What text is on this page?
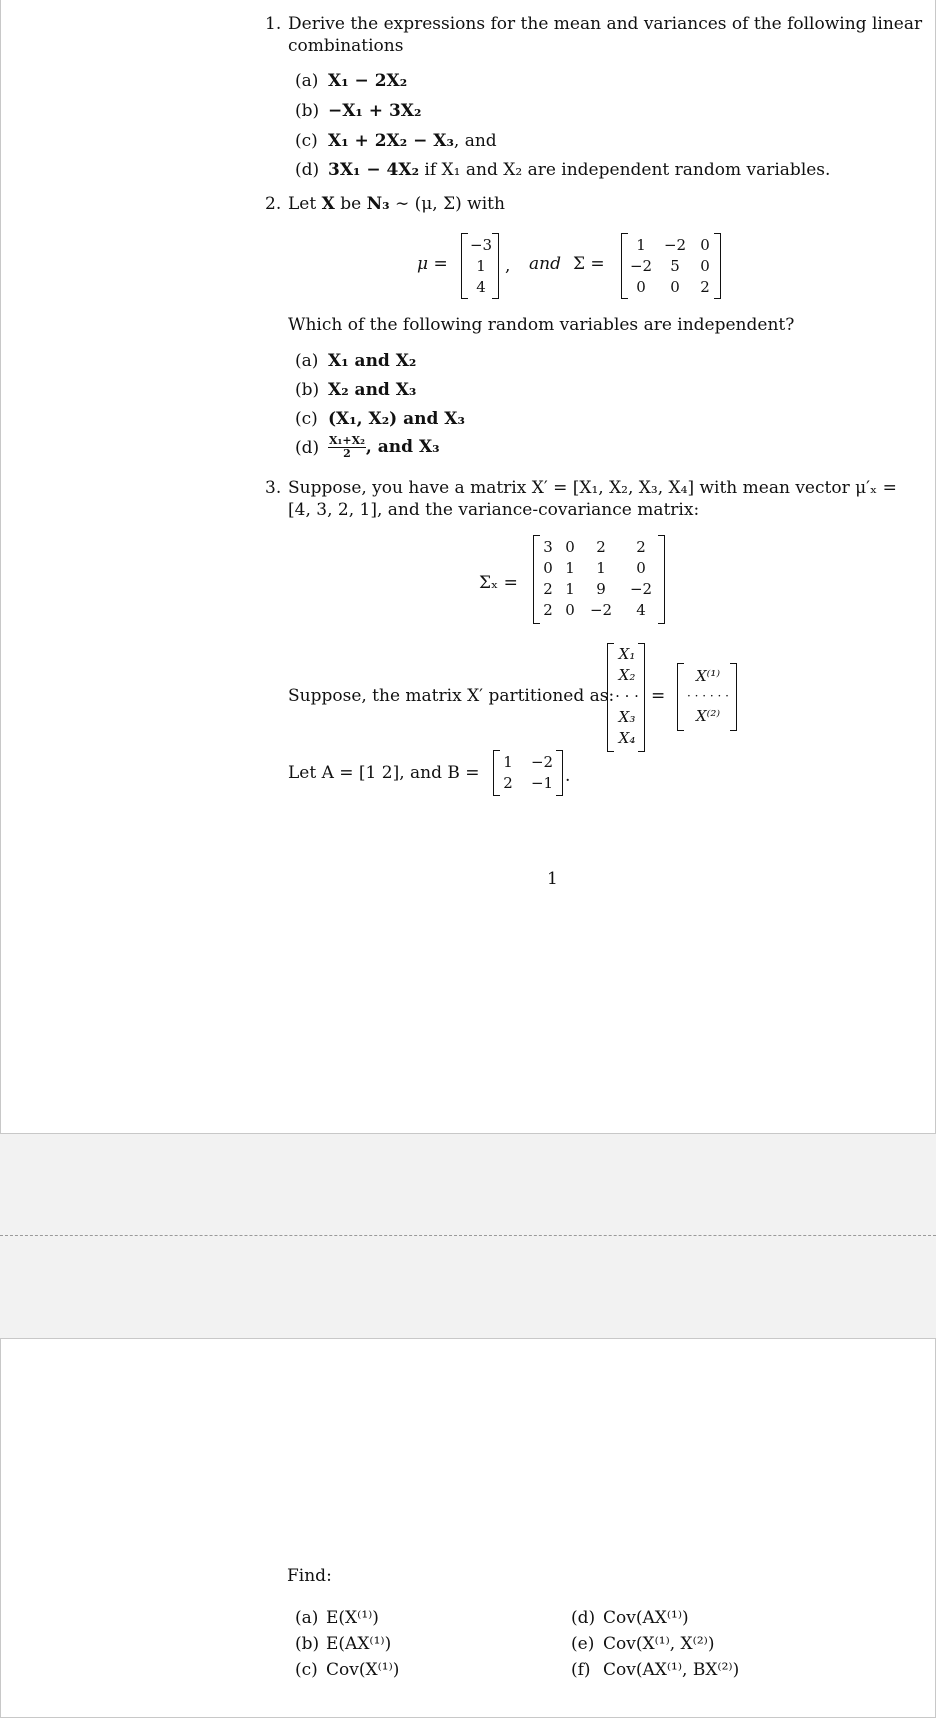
1. Derive the expressions for the mean and variances of the following linear
combinations
(a) X₁ − 2X₂
(b) −X₁ + 3X₂
(c) X₁ + 2X₂ − X₃, and
(d) 3X₁ − 4X₂ if X₁ and X₂ are independent random variables.
2. Let X be N₃ ∼ (μ, Σ) with
μ =
−3
1
4
, and Σ =
1	−2 0
−2	5	0
0	0	2
Which of the following random variables are independent?
(a) X₁ and X₂
(b) X₂ and X₃
(c) (X₁, X₂) and X₃
$(d) \frac{\text{X₁+X₂}}{2}$ , and X₃
3. Suppose, you have a matrix X′ = [X₁, X₂, X₃, X₄] with mean vector μ′ₓ =
[4, 3, 2, 1], and the variance-covariance matrix:
Σₓ =
3 0	2	2
0 1	1	0
2 1	9	−2
2 0	−2	4
Suppose, the matrix X′ partitioned as:
X₁
X₂
· · ·
X₃
X₄
=
X⁽¹⁾
· · · · · ·
X⁽²⁾
Let A = [1 2], and B =
1	−2
2	−1 .
1
Find:
(a) E(X⁽¹⁾)
(b) E(AX⁽¹⁾)
(c) Cov(X⁽¹⁾)
(d) Cov(AX⁽¹⁾)
(e) Cov(X⁽¹⁾, X⁽²⁾)
(f) Cov(AX⁽¹⁾, BX⁽²⁾)
